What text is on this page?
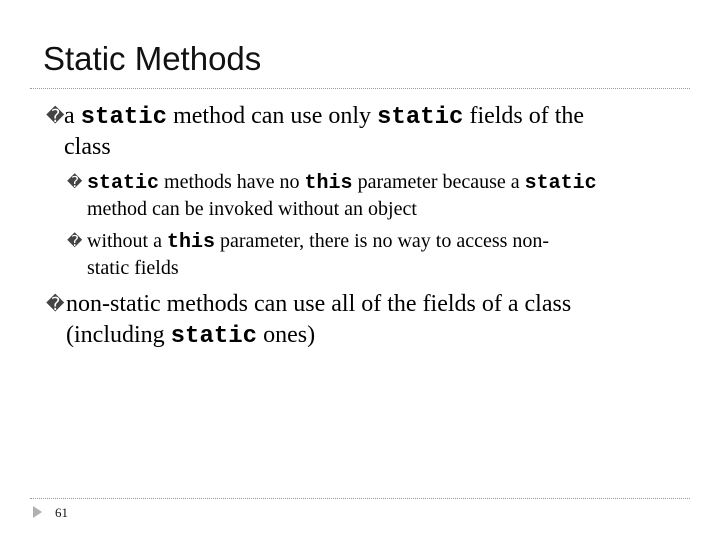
Static Methods
� a static method can use only static fields of the
class
� static methods have no this parameter because a static
method can be invoked without an object
� without a this parameter, there is no way to access non-
static fields
� non-static methods can use all of the fields of a class
(including static ones)
61
